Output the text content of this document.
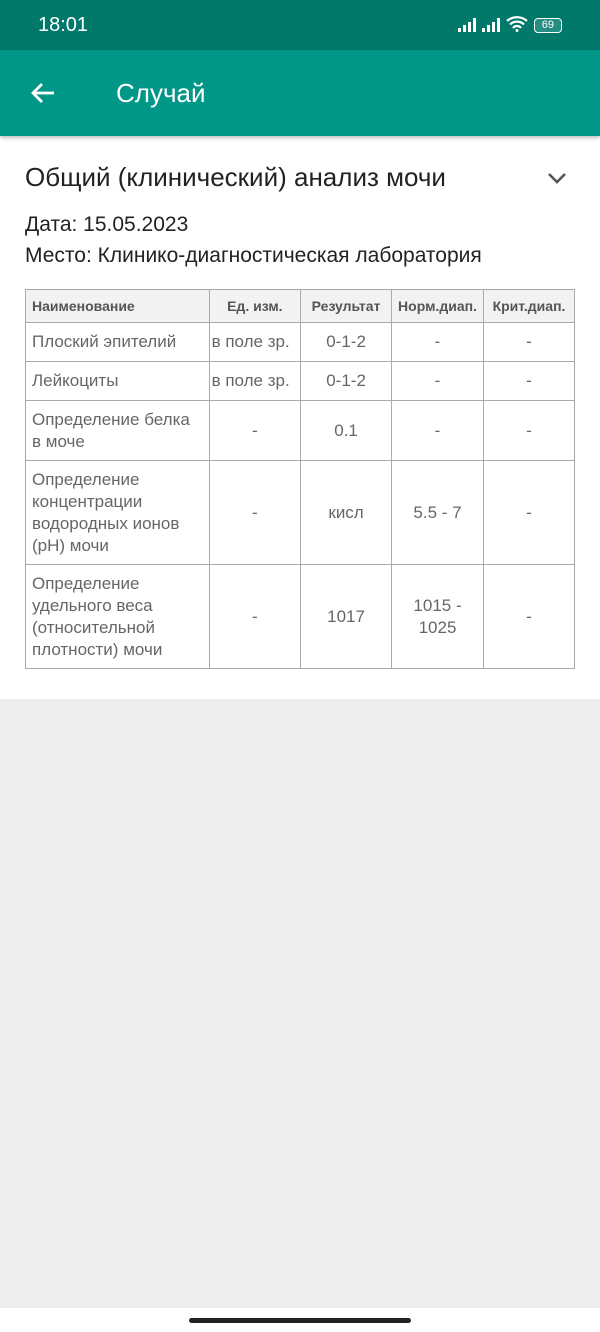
18:01	69
Случай
Общий (клинический) анализ мочи
Дата: 15.05.2023
Место: Клинико-диагностическая лаборатория
Наименование	Ед. изм.	Результат	Норм.диап.	Крит.диап.
Плоский эпителий	в поле зр.	0-1-2	-	-
Лейкоциты	в поле зр.	0-1-2	-	-
Определение белка в моче	-	0.1	-	-
Определение концентрации водородных ионов (pH) мочи	-	кисл	5.5 - 7	-
Определение удельного веса (относительной плотности) мочи	-	1017	1015 - 1025	-
